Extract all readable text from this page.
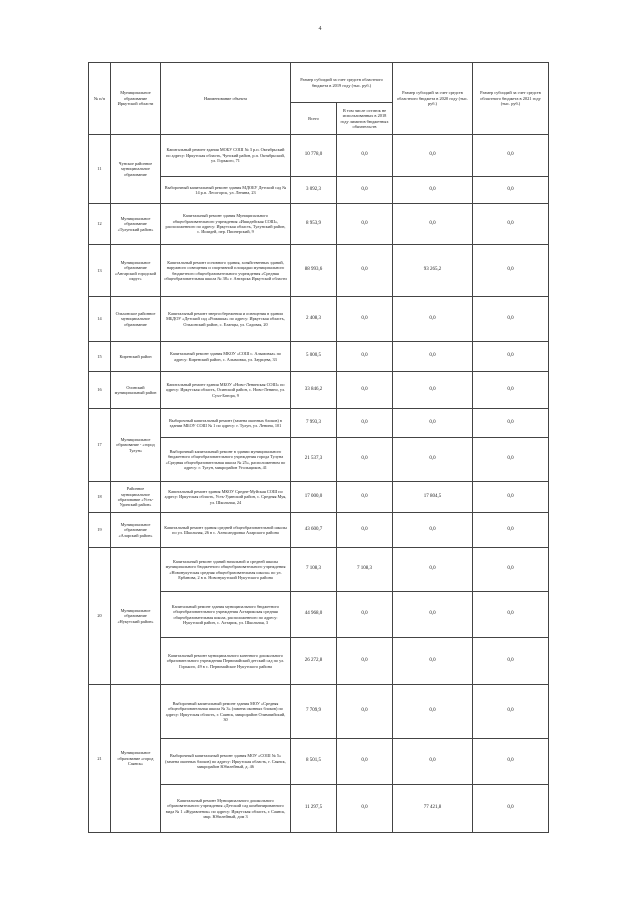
4
№ п/п	Муниципальное образование Иркутской области	Наименование объекта	Размер субсидий за счет средств областного бюджета в 2019 году (тыс. руб.)		Размер субсидий за счет средств областного бюджета в 2020 году (тыс. руб.)	Размер субсидий за счет средств областного бюджета в 2021 году (тыс. руб.)
			Всего	В том числе остаток не использованных в 2018 году лимитов бюджетных обязательств		
11	Чунское районное муниципальное образование	Капитальный ремонт здания МОБУ СОШ № 3 р.п. Октябрьский по адресу: Иркутская область, Чунский район, р.п. Октябрьский, ул. Горького, 71	10 778,0	0,0	0,0	0,0
		Выборочный капитальный ремонт здания МДОБУ Детский сад № 14 р.п. Лесогорск, ул. Ленина, 23	3 092,3	0,0	0,0	0,0
12	Муниципальное образование «Тулунский район»	Капитальный ремонт здания Муниципального общеобразовательного учреждения «Ишидейская СОШ», расположенного по адресу: Иркутская область, Тулунский район, с. Ишидей, пер. Пионерский, 9	8 953,9	0,0	0,0	0,0
13	Муниципальное образование «Ангарский городской округ»	Капитальный ремонт основного здания, хозяйственных зданий, наружного освещения и спортивной площадки муниципального бюджетного общеобразовательного учреждения «Средняя общеобразовательная школа № 38» г. Ангарска Иркутской области	88 993,6	0,0	93 265,2	0,0
14	Ольхонское районное муниципальное образование	Капитальный ремонт энергосбережения и освещения в здании МБДОУ «Детский сад «Ромашка» по адресу: Иркутская область, Ольхонский район, с. Еланцы, ул. Садовая, 20	2 408,3	0,0	0,0	0,0
15	Киренский район	Капитальный ремонт здания МКОУ «СОШ с. Алымовка» по адресу: Киренский район, с. Алымовка, ул. Заурцева, 33	5 000,5	0,0	0,0	0,0
16	Осинский муниципальный район	Капитальный ремонт здания МБОУ «Ново-Ленинская СОШ» по адресу: Иркутская область, Осинский район, с. Ново-Ленино, ул. Сухэ-Батора, 9	33 846,2	0,0	0,0	0,0
17	Муниципальное образование - «город Тулун»	Выборочный капитальный ремонт (замена оконных блоков) в здании МБОУ СОШ № 1 по адресу: г. Тулун, ул. Ленина, 101	7 993,3	0,0	0,0	0,0
		Выборочный капитальный ремонт в здании муниципального бюджетного общеобразовательного учреждения города Тулуна «Средняя общеобразовательная школа № 25», расположенном по адресу: г. Тулун, микрорайон Угольщиков, 41	21 537,3	0,0	0,0	0,0
18	Районное муниципальное образование «Усть-Удинский район»	Капитальный ремонт здания МКОУ Средне-Муйская СОШ по адресу: Иркутская область, Усть-Удинский район, с. Средняя Муя, ул. Школьная, 24	17 000,0	0,0	17 804,5	0,0
19	Муниципальное образование «Аларский район»	Капитальный ремонт здания средней общеобразовательной школы по ул. Школьная, 26 в с. Александровка Аларского района	43 600,7	0,0	0,0	0,0
20	Муниципальное образование «Нукутский район»	Капитальный ремонт зданий начальной и средней школы муниципального бюджетного общеобразовательного учреждения «Новонукутская средняя общеобразовательная школа» по ул. Ербанова, 2 в п. Новонукутский Нукутского района	7 108,3	7 108,3	0,0	0,0
		Капитальный ремонт здания муниципального бюджетного общеобразовательного учреждения Алтарикская средняя общеобразовательная школа, расположенного по адресу: Нукутский район, с. Алтарик, ул. Школьная, 3	44 968,0	0,0	0,0	0,0
		Капитальный ремонт муниципального казенного дошкольного образовательного учреждения Первомайский детский сад по ул. Горького, 49 в с. Первомайское Нукутского района	26 272,8	0,0	0,0	0,0
21	Муниципальное образование «город Саянск»	Выборочный капитальный ремонт здания МОУ «Средняя общеобразовательная школа № 3» (замена оконных блоков) по адресу: Иркутская область, г. Саянск, микрорайон Олимпийский, 30	7 709,9	0,0	0,0	0,0
		Выборочный капитальный ремонт здания МОУ «СОШ № 5» (замена оконных блоков) по адресу: Иркутская область, г. Саянск, микрорайон Юбилейный, д. 46	8 501,5	0,0	0,0	0,0
		Капитальный ремонт Муниципального дошкольного образовательного учреждения «Детский сад комбинированного вида № 1 «Журавленок» по адресу: Иркутская область, г. Саянск, мкр. Юбилейный, дом 3	11 297,5	0,0	77 421,8	0,0
